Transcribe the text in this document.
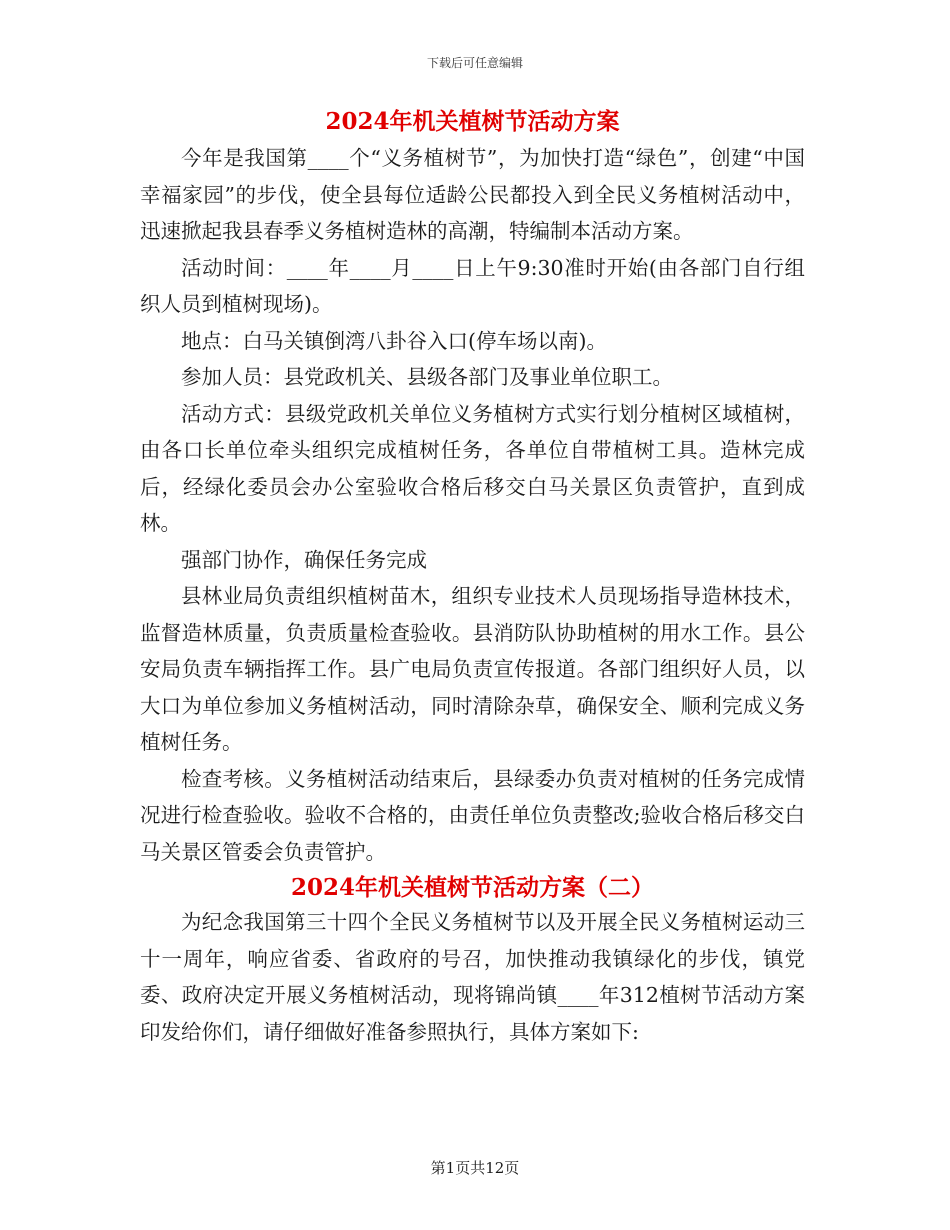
下载后可任意编辑
2024年机关植树节活动方案

今年是我国第____个“义务植树节”，为加快打造“绿色”，创建“中国幸福家园”的步伐，使全县每位适龄公民都投入到全民义务植树活动中，迅速掀起我县春季义务植树造林的高潮，特编制本活动方案。

活动时间：____年____月____日上午9:30准时开始(由各部门自行组织人员到植树现场)。

地点：白马关镇倒湾八卦谷入口(停车场以南)。

参加人员：县党政机关、县级各部门及事业单位职工。

活动方式：县级党政机关单位义务植树方式实行划分植树区域植树，由各口长单位牵头组织完成植树任务，各单位自带植树工具。造林完成后，经绿化委员会办公室验收合格后移交白马关景区负责管护，直到成林。

强部门协作，确保任务完成

县林业局负责组织植树苗木，组织专业技术人员现场指导造林技术，监督造林质量，负责质量检查验收。县消防队协助植树的用水工作。县公安局负责车辆指挥工作。县广电局负责宣传报道。各部门组织好人员，以大口为单位参加义务植树活动，同时清除杂草，确保安全、顺利完成义务植树任务。

检查考核。义务植树活动结束后，县绿委办负责对植树的任务完成情况进行检查验收。验收不合格的，由责任单位负责整改;验收合格后移交白马关景区管委会负责管护。

2024年机关植树节活动方案（二）

为纪念我国第三十四个全民义务植树节以及开展全民义务植树运动三十一周年，响应省委、省政府的号召，加快推动我镇绿化的步伐，镇党委、政府决定开展义务植树活动，现将锦尚镇____年312植树节活动方案印发给你们，请仔细做好准备参照执行，具体方案如下:

第1页共12页
